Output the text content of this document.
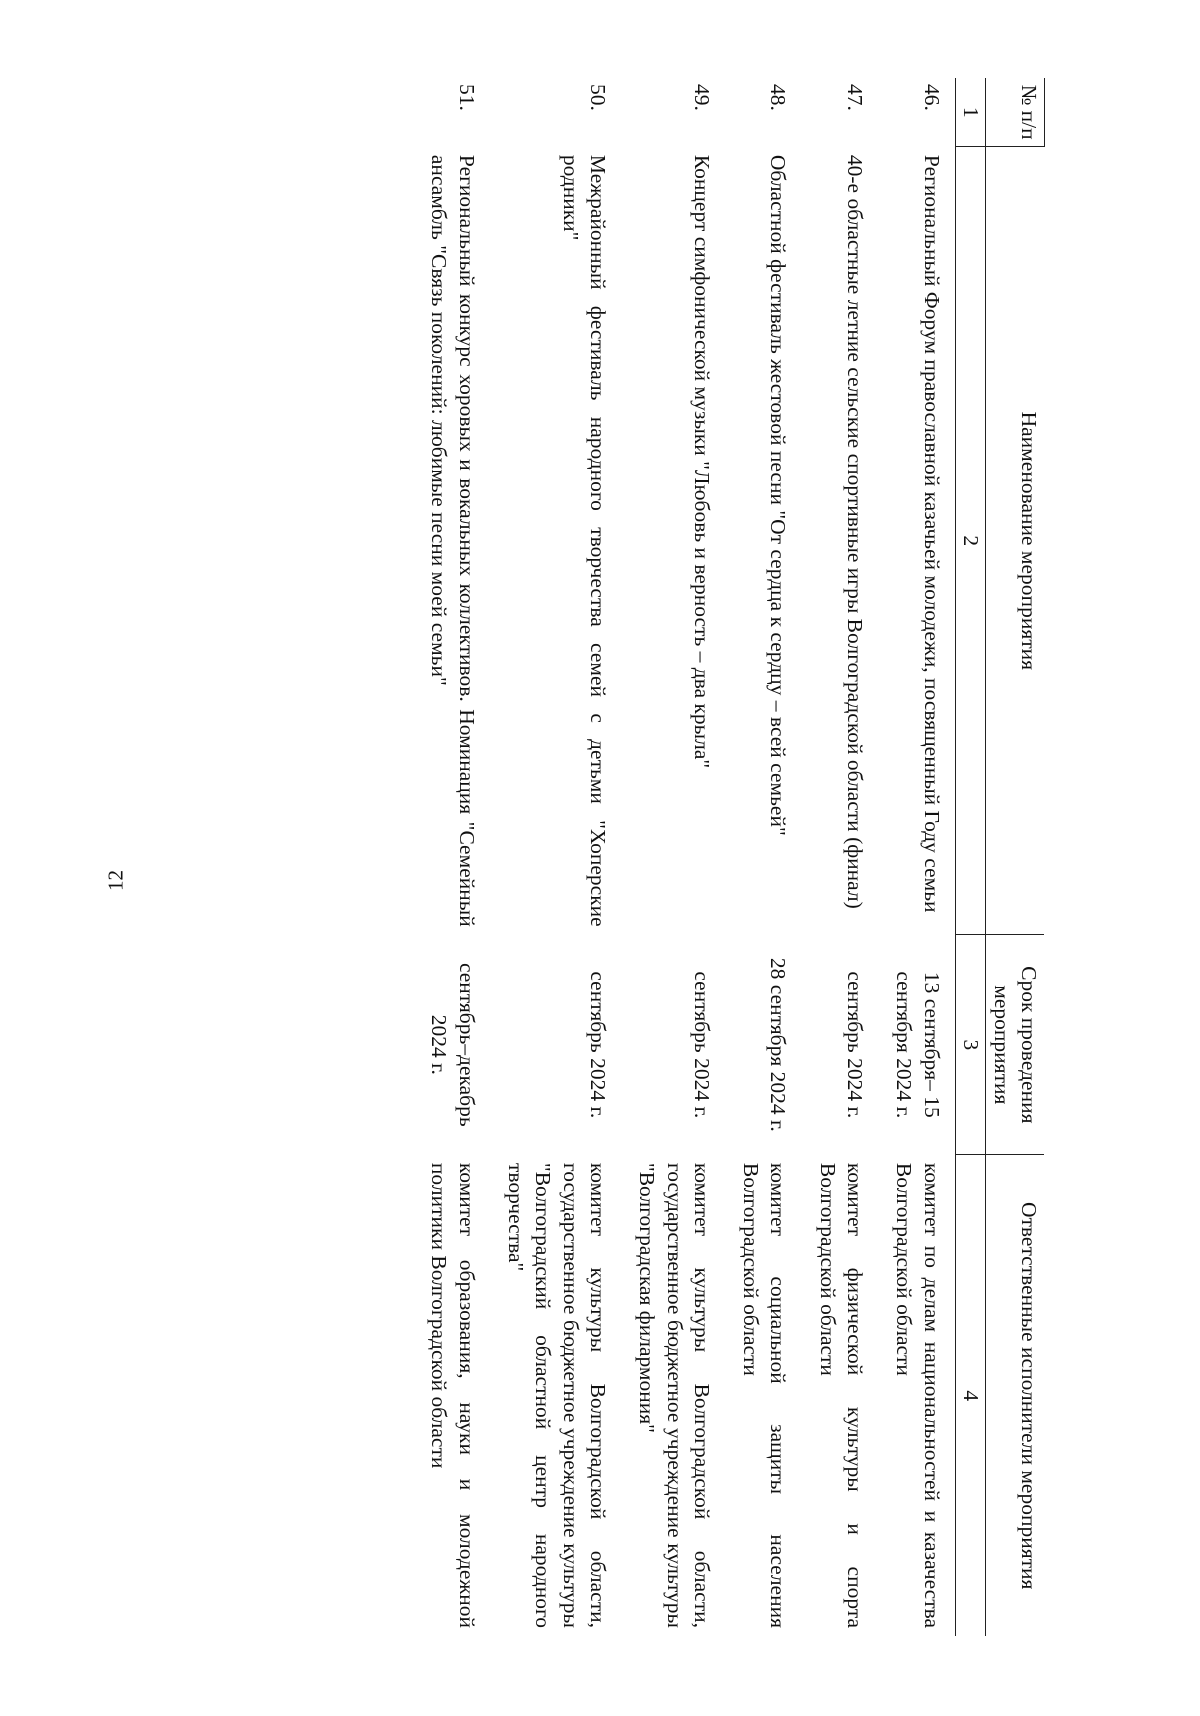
12
№ п/п	Наименование мероприятия	Срок проведения мероприятия	Ответственные исполнители мероприятия
1	2	3	4
46.	Региональный Форум православной казачьей молодежи, посвященный Году семьи	13 сентября– 15 сентября 2024 г.	комитет по делам национальностей и казачества Волгоградской области
47.	40-е областные летние сельские спортивные игры Волгоградской области (финал)	сентябрь 2024 г.	комитет физической культуры и спорта Волгоградской области
48.	Областной фестиваль жестовой песни "От сердца к сердцу – всей семьей"	28 сентября 2024 г.	комитет социальной защиты населения Волгоградской области
49.	Концерт симфонической музыки "Любовь и верность – два крыла"	сентябрь 2024 г.	комитет культуры Волгоградской области, государственное бюджетное учреждение культуры "Волгоградская филармония"
50.	Межрайонный фестиваль народного творчества семей с детьми "Хоперские родники"	сентябрь 2024 г.	комитет культуры Волгоградской области, государственное бюджетное учреждение культуры "Волгоградский областной центр народного творчества"
51.	Региональный конкурс хоровых и вокальных коллективов. Номинация "Семейный ансамбль "Связь поколений: любимые песни моей семьи"	сентябрь–декабрь 2024 г.	комитет образования, науки и молодежной политики Волгоградской области
